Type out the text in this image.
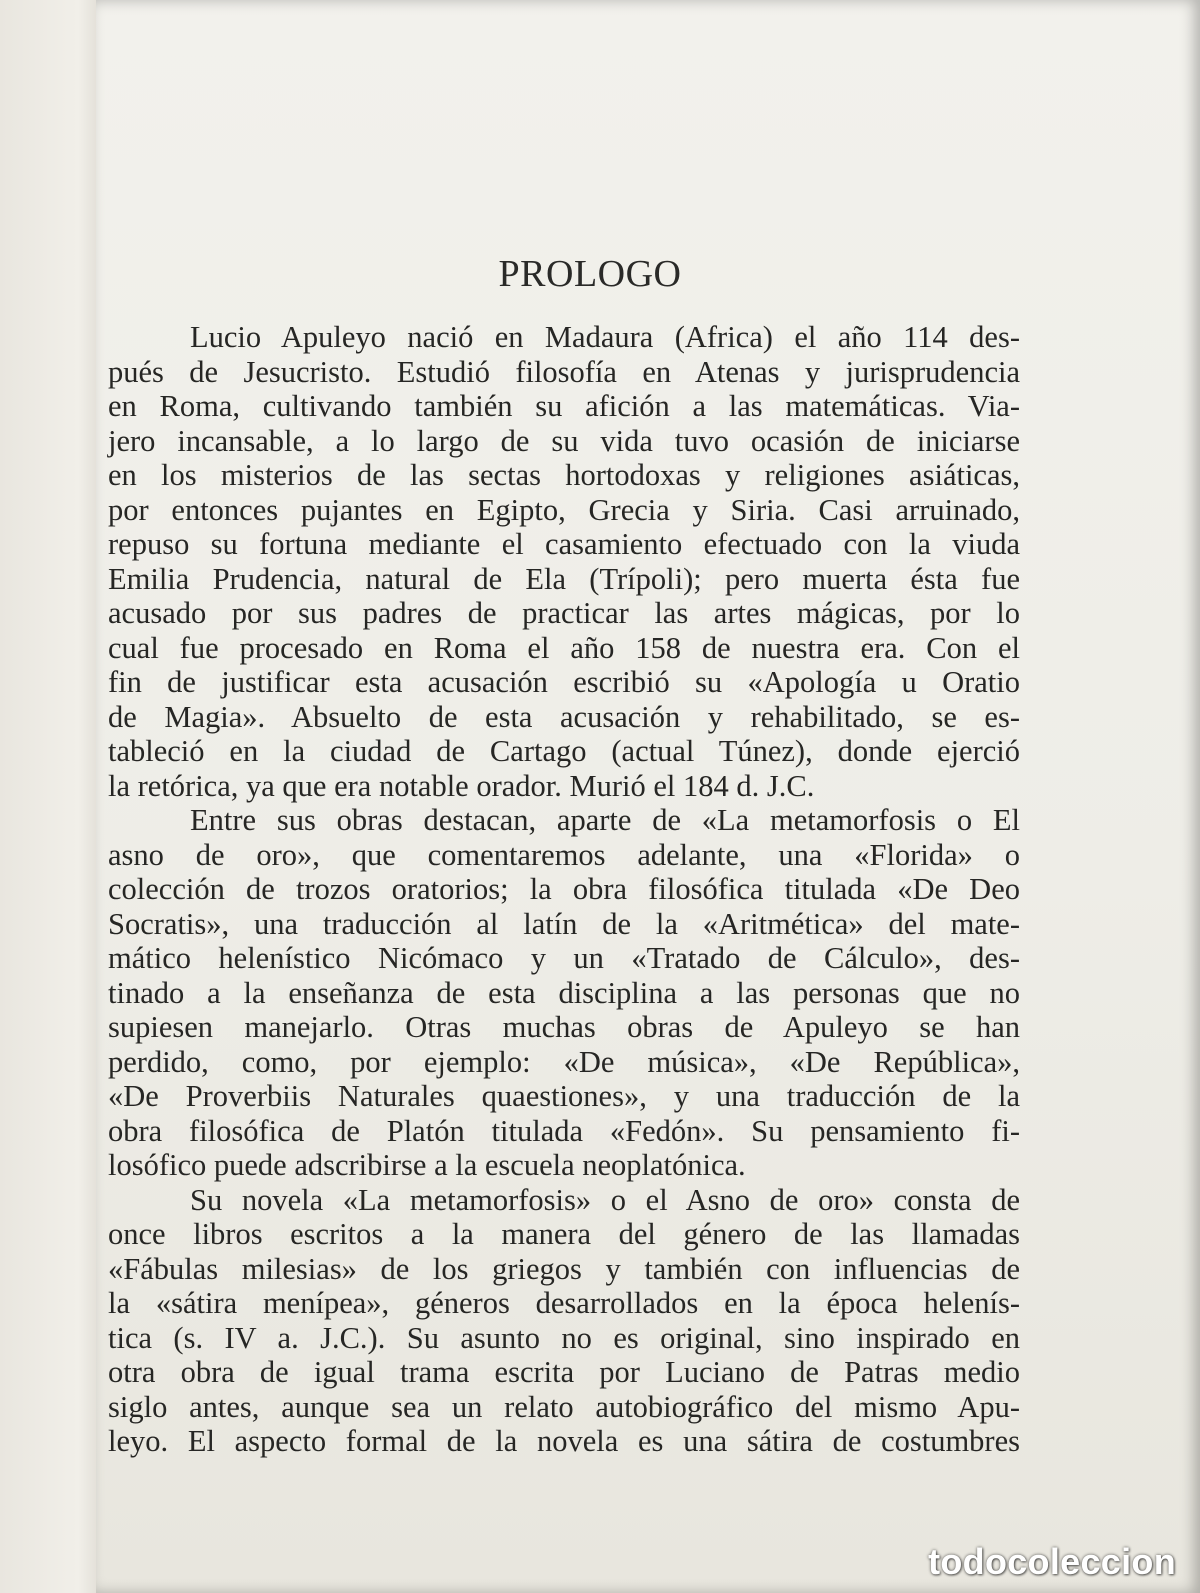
PROLOGO
Lucio Apuleyo nació en Madaura (Africa) el año 114 des-
pués de Jesucristo. Estudió filosofía en Atenas y jurisprudencia
en Roma, cultivando también su afición a las matemáticas. Via-
jero incansable, a lo largo de su vida tuvo ocasión de iniciarse
en los misterios de las sectas hortodoxas y religiones asiáticas,
por entonces pujantes en Egipto, Grecia y Siria. Casi arruinado,
repuso su fortuna mediante el casamiento efectuado con la viuda
Emilia Prudencia, natural de Ela (Trípoli); pero muerta ésta fue
acusado por sus padres de practicar las artes mágicas, por lo
cual fue procesado en Roma el año 158 de nuestra era. Con el
fin de justificar esta acusación escribió su «Apología u Oratio
de Magia». Absuelto de esta acusación y rehabilitado, se es-
tableció en la ciudad de Cartago (actual Túnez), donde ejerció
la retórica, ya que era notable orador. Murió el 184 d. J.C.
Entre sus obras destacan, aparte de «La metamorfosis o El
asno de oro», que comentaremos adelante, una «Florida» o
colección de trozos oratorios; la obra filosófica titulada «De Deo
Socratis», una traducción al latín de la «Aritmética» del mate-
mático helenístico Nicómaco y un «Tratado de Cálculo», des-
tinado a la enseñanza de esta disciplina a las personas que no
supiesen manejarlo. Otras muchas obras de Apuleyo se han
perdido, como, por ejemplo: «De música», «De República»,
«De Proverbiis Naturales quaestiones», y una traducción de la
obra filosófica de Platón titulada «Fedón». Su pensamiento fi-
losófico puede adscribirse a la escuela neoplatónica.
Su novela «La metamorfosis» o el Asno de oro» consta de
once libros escritos a la manera del género de las llamadas
«Fábulas milesias» de los griegos y también con influencias de
la «sátira menípea», géneros desarrollados en la época helenís-
tica (s. IV a. J.C.). Su asunto no es original, sino inspirado en
otra obra de igual trama escrita por Luciano de Patras medio
siglo antes, aunque sea un relato autobiográfico del mismo Apu-
leyo. El aspecto formal de la novela es una sátira de costumbres
todocoleccion
